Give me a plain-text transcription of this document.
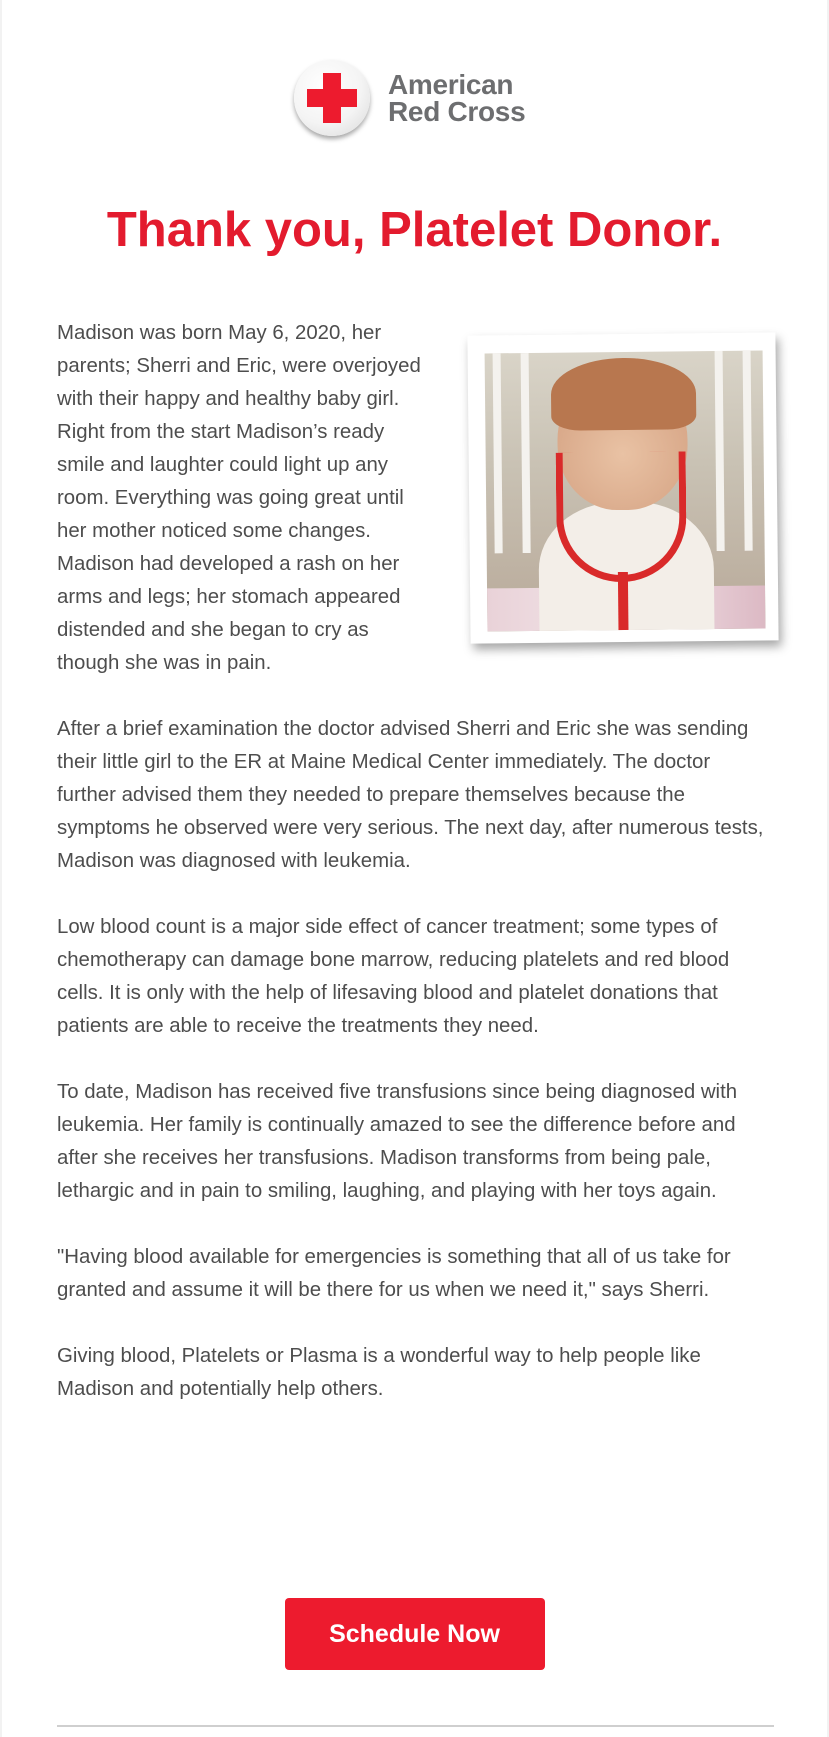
American
Red Cross
Thank you, Platelet Donor.

Madison was born May 6, 2020, her parents; Sherri and Eric, were overjoyed with their happy and healthy baby girl. Right from the start Madison’s ready smile and laughter could light up any room. Everything was going great until her mother noticed some changes. Madison had developed a rash on her arms and legs; her stomach appeared distended and she began to cry as though she was in pain.

After a brief examination the doctor advised Sherri and Eric she was sending their little girl to the ER at Maine Medical Center immediately. The doctor further advised them they needed to prepare themselves because the symptoms he observed were very serious. The next day, after numerous tests, Madison was diagnosed with leukemia.

Low blood count is a major side effect of cancer treatment; some types of chemotherapy can damage bone marrow, reducing platelets and red blood cells. It is only with the help of lifesaving blood and platelet donations that patients are able to receive the treatments they need.

To date, Madison has received five transfusions since being diagnosed with leukemia. Her family is continually amazed to see the difference before and after she receives her transfusions. Madison transforms from being pale, lethargic and in pain to smiling, laughing, and playing with her toys again.

"Having blood available for emergencies is something that all of us take for granted and assume it will be there for us when we need it," says Sherri.

Giving blood, Platelets or Plasma is a wonderful way to help people like Madison and potentially help others.

Schedule Now
